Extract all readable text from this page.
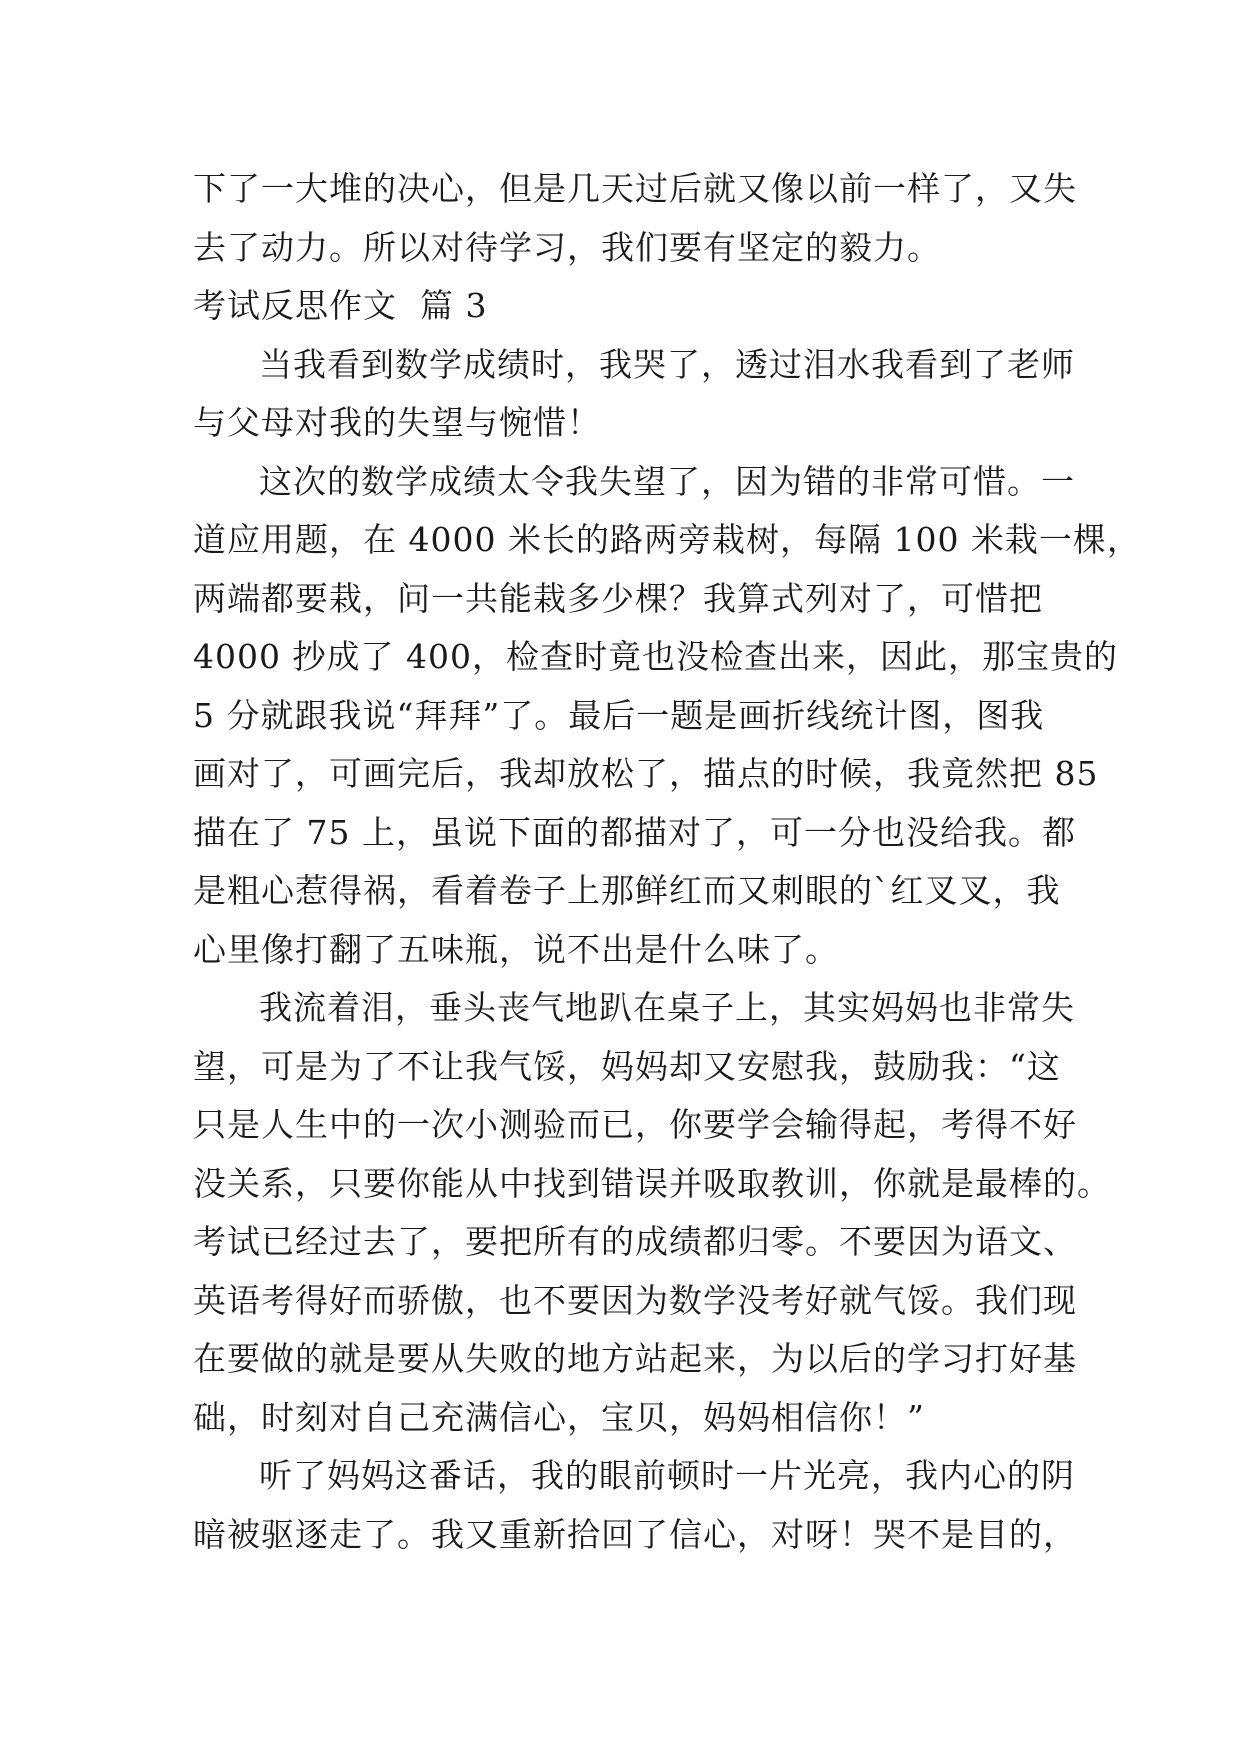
下了一大堆的决心，但是几天过后就又像以前一样了，又失
去了动力。所以对待学习，我们要有坚定的毅力。
考试反思作文  篇 3
当我看到数学成绩时，我哭了，透过泪水我看到了老师
与父母对我的失望与惋惜！
这次的数学成绩太令我失望了，因为错的非常可惜。一
道应用题，在 4000 米长的路两旁栽树，每隔 100 米栽一棵，
两端都要栽，问一共能栽多少棵？我算式列对了，可惜把
4000 抄成了 400，检查时竟也没检查出来，因此，那宝贵的
5 分就跟我说“拜拜”了。最后一题是画折线统计图，图我
画对了，可画完后，我却放松了，描点的时候，我竟然把 85
描在了 75 上，虽说下面的都描对了，可一分也没给我。都
是粗心惹得祸，看着卷子上那鲜红而又刺眼的`红叉叉，我
心里像打翻了五味瓶，说不出是什么味了。
我流着泪，垂头丧气地趴在桌子上，其实妈妈也非常失
望，可是为了不让我气馁，妈妈却又安慰我，鼓励我：“这
只是人生中的一次小测验而已，你要学会输得起，考得不好
没关系，只要你能从中找到错误并吸取教训，你就是最棒的。
考试已经过去了，要把所有的成绩都归零。不要因为语文、
英语考得好而骄傲，也不要因为数学没考好就气馁。我们现
在要做的就是要从失败的地方站起来，为以后的学习打好基
础，时刻对自己充满信心，宝贝，妈妈相信你！”
听了妈妈这番话，我的眼前顿时一片光亮，我内心的阴
暗被驱逐走了。我又重新拾回了信心，对呀！哭不是目的，
